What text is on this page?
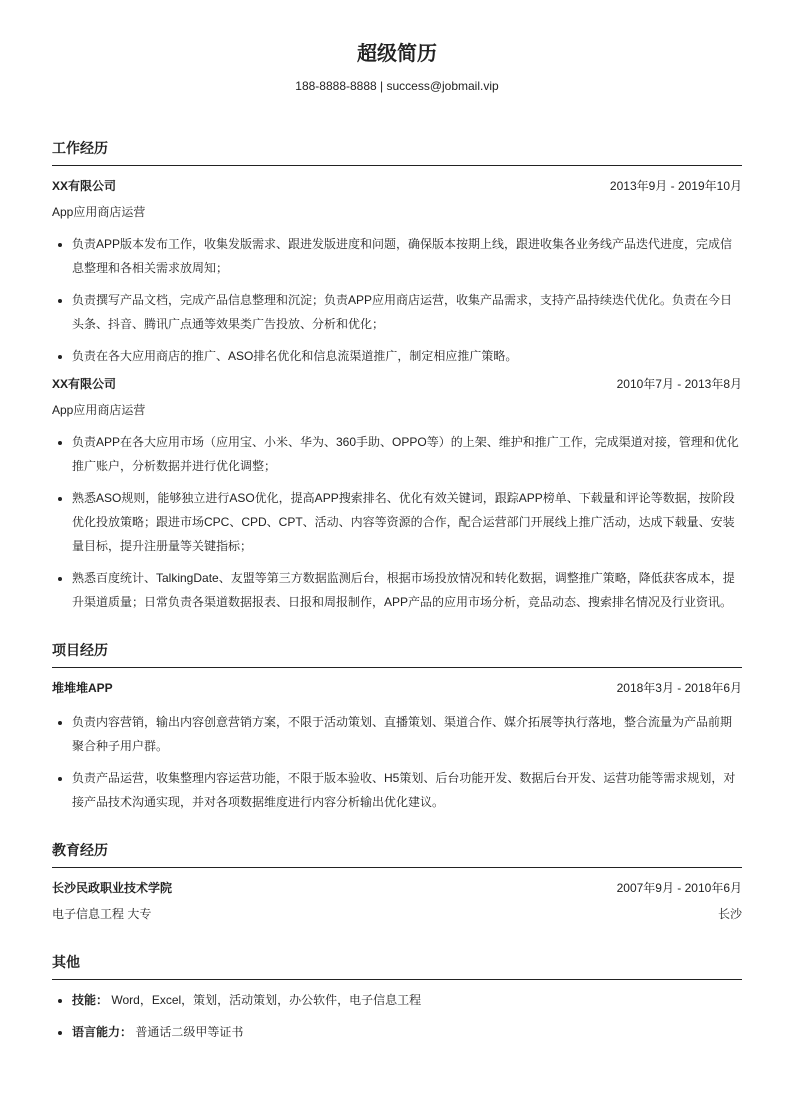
超级简历
188-8888-8888 | success@jobmail.vip
工作经历
XX有限公司	2013年9月 - 2019年10月
App应用商店运营
• 负责APP版本发布工作，收集发版需求、跟进发版进度和问题，确保版本按期上线，跟进收集各业务线产品迭代进度，完成信息整理和各相关需求放周知；
• 负责撰写产品文档，完成产品信息整理和沉淀；负责APP应用商店运营，收集产品需求，支持产品持续迭代优化。负责在今日头条、抖音、腾讯广点通等效果类广告投放、分析和优化；
• 负责在各大应用商店的推广、ASO排名优化和信息流渠道推广，制定相应推广策略。
XX有限公司	2010年7月 - 2013年8月
App应用商店运营
• 负责APP在各大应用市场（应用宝、小米、华为、360手助、OPPO等）的上架、维护和推广工作，完成渠道对接，管理和优化推广账户，分析数据并进行优化调整；
• 熟悉ASO规则，能够独立进行ASO优化，提高APP搜索排名、优化有效关键词，跟踪APP榜单、下载量和评论等数据，按阶段优化投放策略；跟进市场CPC、CPD、CPT、活动、内容等资源的合作，配合运营部门开展线上推广活动，达成下载量、安装量目标，提升注册量等关键指标；
• 熟悉百度统计、TalkingDate、友盟等第三方数据监测后台，根据市场投放情况和转化数据，调整推广策略，降低获客成本，提升渠道质量；日常负责各渠道数据报表、日报和周报制作，APP产品的应用市场分析，竞品动态、搜索排名情况及行业资讯。
项目经历
堆堆堆APP	2018年3月 - 2018年6月
• 负责内容营销，输出内容创意营销方案，不限于活动策划、直播策划、渠道合作、媒介拓展等执行落地，整合流量为产品前期聚合种子用户群。
• 负责产品运营，收集整理内容运营功能，不限于版本验收、H5策划、后台功能开发、数据后台开发、运营功能等需求规划，对接产品技术沟通实现，并对各项数据维度进行内容分析输出优化建议。
教育经历
长沙民政职业技术学院	2007年9月 - 2010年6月
电子信息工程 大专	长沙
其他
• 技能： Word，Excel，策划，活动策划，办公软件，电子信息工程
• 语言能力： 普通话二级甲等证书
